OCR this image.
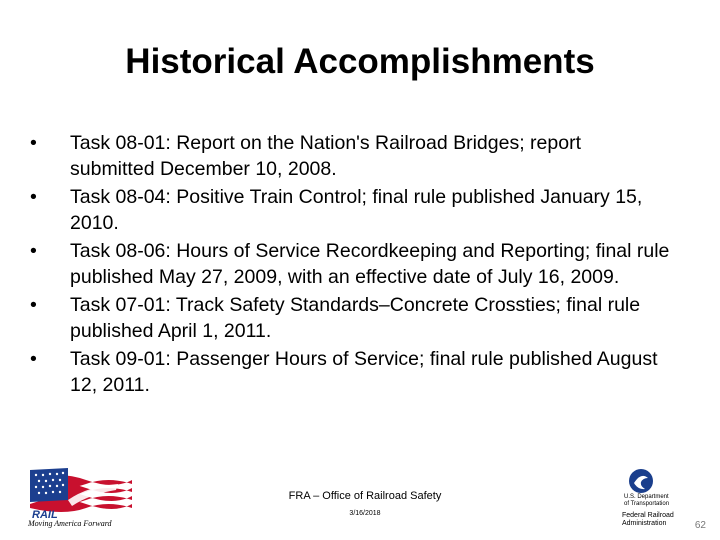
Historical Accomplishments
• Task 08-01: Report on the Nation's Railroad Bridges; report submitted December 10, 2008.
• Task 08-04: Positive Train Control; final rule published January 15, 2010.
• Task 08-06: Hours of Service Recordkeeping and Reporting; final rule published May 27, 2009, with an effective date of July 16, 2009.
• Task 07-01: Track Safety Standards–Concrete Crossties; final rule published April 1, 2011.
• Task 09-01: Passenger Hours of Service; final rule published August 12, 2011.
RAIL
Moving America Forward
FRA – Office of Railroad Safety
3/16/2018
U.S. Department
of Transportation
Federal Railroad
Administration	62
